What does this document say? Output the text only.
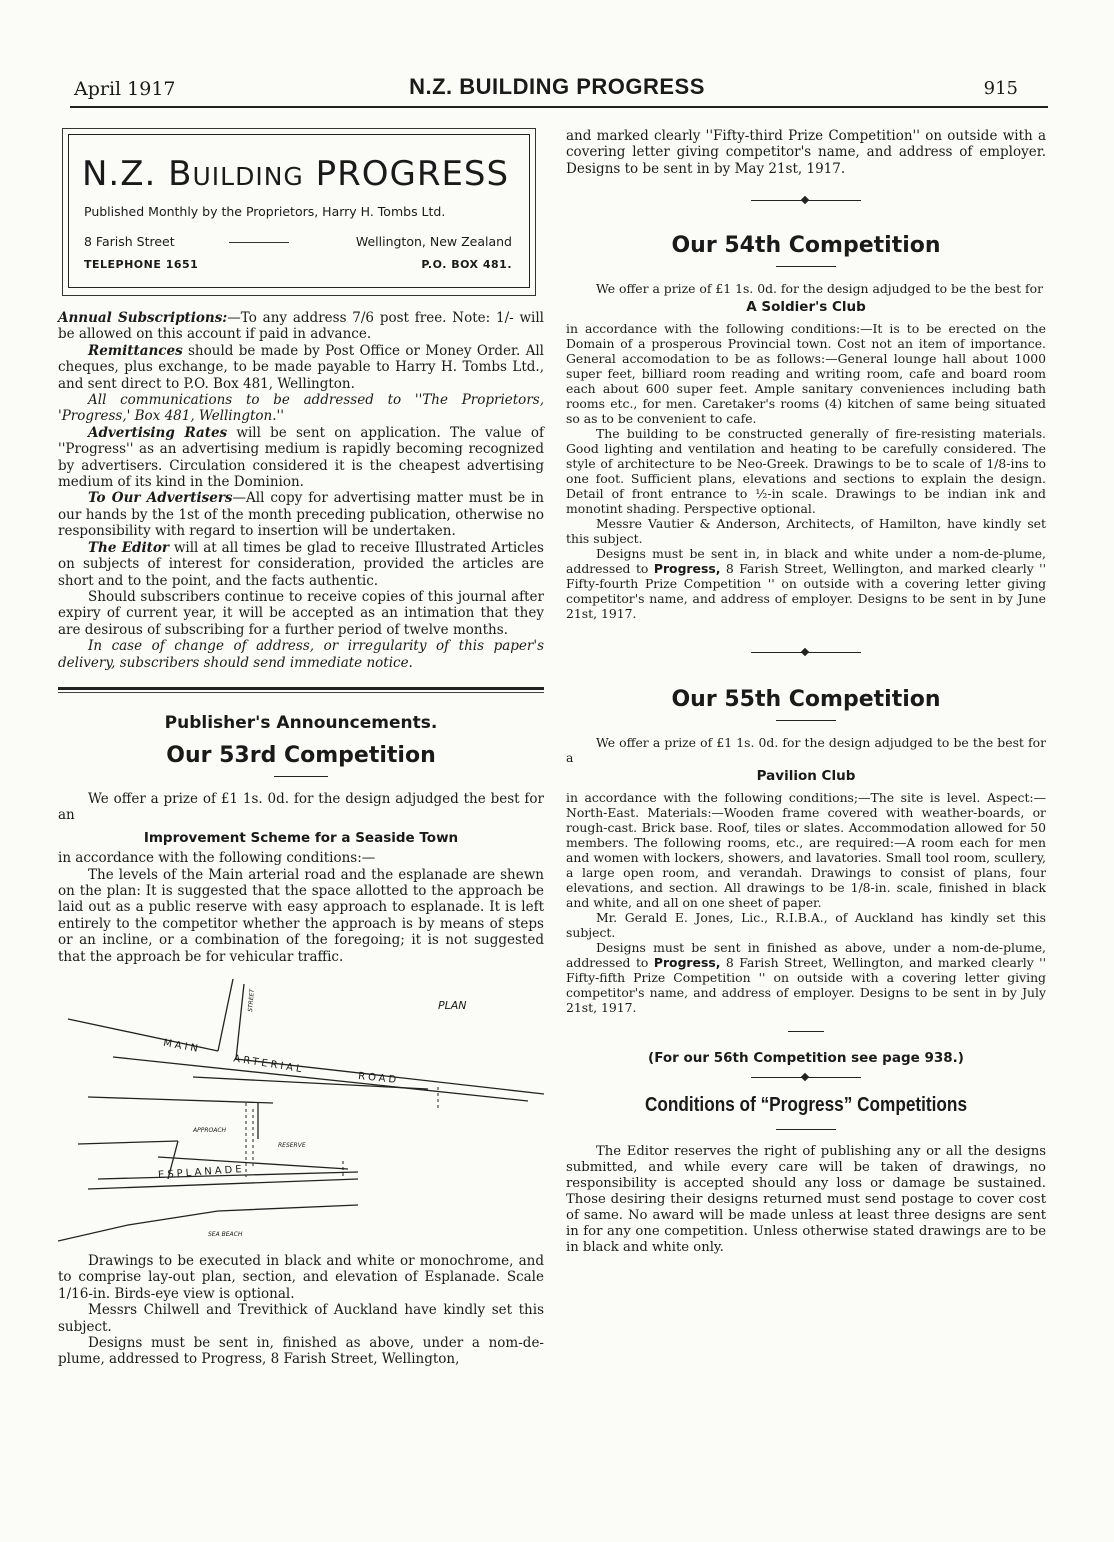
April 1917	N.Z. BUILDING PROGRESS	915
N.Z. BUILDING PROGRESS
Published Monthly by the Proprietors, Harry H. Tombs Ltd.
8 Farish Street	Wellington, New Zealand
TELEPHONE 1651	P.O. BOX 481.

Annual Subscriptions:—To any address 7/6 post free. Note: 1/- will be allowed on this account if paid in advance.

Remittances should be made by Post Office or Money Order. All cheques, plus exchange, to be made payable to Harry H. Tombs Ltd., and sent direct to P.O. Box 481, Wellington.

All communications to be addressed to ''The Proprietors, 'Progress,' Box 481, Wellington.''

Advertising Rates will be sent on application. The value of ''Progress'' as an advertising medium is rapidly becoming recognized by advertisers. Circulation considered it is the cheapest advertising medium of its kind in the Dominion.

To Our Advertisers—All copy for advertising matter must be in our hands by the 1st of the month preceding publication, otherwise no responsibility with regard to insertion will be undertaken.

The Editor will at all times be glad to receive Illustrated Articles on subjects of interest for consideration, provided the articles are short and to the point, and the facts authentic.

Should subscribers continue to receive copies of this journal after expiry of current year, it will be accepted as an intimation that they are desirous of subscribing for a further period of twelve months.

In case of change of address, or irregularity of this paper's delivery, subscribers should send immediate notice.

Publisher's Announcements.
Our 53rd Competition

We offer a prize of £1 1s. 0d. for the design adjudged the best for an

Improvement Scheme for a Seaside Town

in accordance with the following conditions:—

The levels of the Main arterial road and the esplanade are shewn on the plan: It is suggested that the space allotted to the approach be laid out as a public reserve with easy approach to esplanade. It is left entirely to the competitor whether the approach is by means of steps or an incline, or a combination of the foregoing; it is not suggested that the approach be for vehicular traffic.

PLAN
MAIN
ARTERIAL
ROAD
ESPLANADE
SEA BEACH
STREET
APPROACH
RESERVE

Drawings to be executed in black and white or monochrome, and to comprise lay-out plan, section, and elevation of Esplanade. Scale 1/16-in. Birds-eye view is optional.

Messrs Chilwell and Trevithick of Auckland have kindly set this subject.

Designs must be sent in, finished as above, under a nom-de-plume, addressed to Progress, 8 Farish Street, Wellington,

and marked clearly ''Fifty-third Prize Competition'' on outside with a covering letter giving competitor's name, and address of employer. Designs to be sent in by May 21st, 1917.

Our 54th Competition

We offer a prize of £1 1s. 0d. for the design adjudged to be the best for

A Soldier's Club

in accordance with the following conditions:—It is to be erected on the Domain of a prosperous Provincial town. Cost not an item of importance. General accomodation to be as follows:—General lounge hall about 1000 super feet, billiard room reading and writing room, cafe and board room each about 600 super feet. Ample sanitary conveniences including bath rooms etc., for men. Caretaker's rooms (4) kitchen of same being situated so as to be convenient to cafe.

The building to be constructed generally of fire-resisting materials. Good lighting and ventilation and heating to be carefully considered. The style of architecture to be Neo-Greek. Drawings to be to scale of 1/8-ins to one foot. Sufficient plans, elevations and sections to explain the design. Detail of front entrance to ½-in scale. Drawings to be indian ink and monotint shading. Perspective optional.

Messre Vautier & Anderson, Architects, of Hamilton, have kindly set this subject.

Designs must be sent in, in black and white under a nom-de-plume, addressed to Progress, 8 Farish Street, Wellington, and marked clearly '' Fifty-fourth Prize Competition '' on outside with a covering letter giving competitor's name, and address of employer. Designs to be sent in by June 21st, 1917.

Our 55th Competition

We offer a prize of £1 1s. 0d. for the design adjudged to be the best for a

Pavilion Club

in accordance with the following conditions;—The site is level. Aspect:—North-East. Materials:—Wooden frame covered with weather-boards, or rough-cast. Brick base. Roof, tiles or slates. Accommodation allowed for 50 members. The following rooms, etc., are required:—A room each for men and women with lockers, showers, and lavatories. Small tool room, scullery, a large open room, and verandah. Drawings to consist of plans, four elevations, and section. All drawings to be 1/8-in. scale, finished in black and white, and all on one sheet of paper.

Mr. Gerald E. Jones, Lic., R.I.B.A., of Auckland has kindly set this subject.

Designs must be sent in finished as above, under a nom-de-plume, addressed to Progress, 8 Farish Street, Wellington, and marked clearly '' Fifty-fifth Prize Competition '' on outside with a covering letter giving competitor's name, and address of employer. Designs to be sent in by July 21st, 1917.

(For our 56th Competition see page 938.)
Conditions of “Progress” Competitions

The Editor reserves the right of publishing any or all the designs submitted, and while every care will be taken of drawings, no responsibility is accepted should any loss or damage be sustained. Those desiring their designs returned must send postage to cover cost of same. No award will be made unless at least three designs are sent in for any one competition. Unless otherwise stated drawings are to be in black and white only.
